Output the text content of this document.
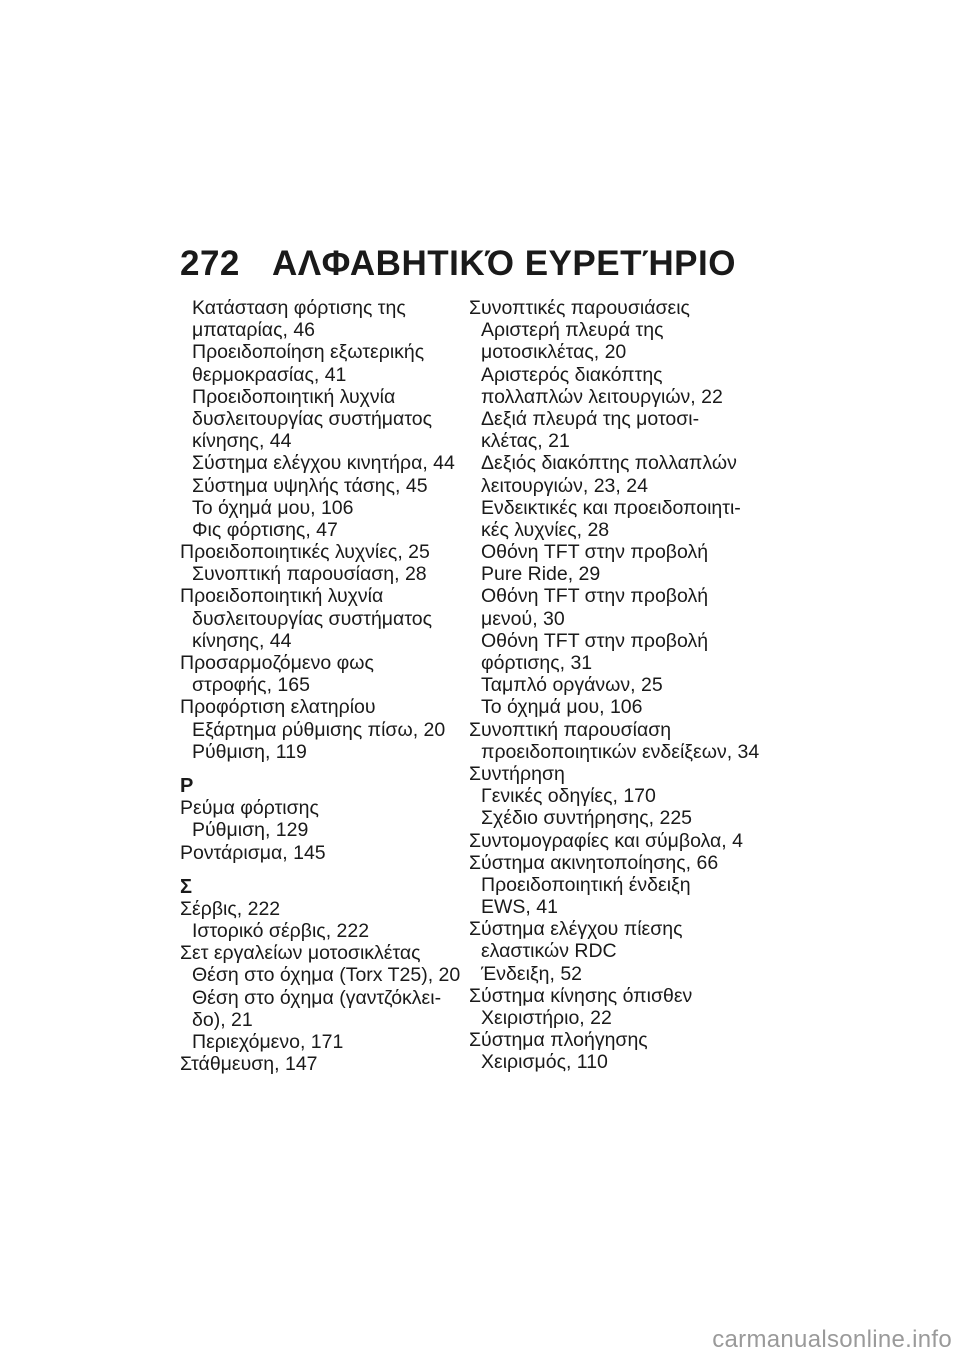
272 ΑΛΦΑΒΗΤΙΚΌ ΕΥΡΕΤΉΡΙΟ
Κατάσταση φόρτισης της
μπαταρίας, 46
Προειδοποίηση εξωτερικής
θερμοκρασίας, 41
Προειδοποιητική λυχνία
δυσλειτουργίας συστήματος
κίνησης, 44
Σύστημα ελέγχου κινητήρα, 44
Σύστημα υψηλής τάσης, 45
Το όχημά μου, 106
Φις φόρτισης, 47
Προειδοποιητικές λυχνίες, 25
Συνοπτική παρουσίαση, 28
Προειδοποιητική λυχνία
δυσλειτουργίας συστήματος
κίνησης, 44
Προσαρμοζόμενο φως
στροφής, 165
Προφόρτιση ελατηρίου
Εξάρτημα ρύθμισης πίσω, 20
Ρύθμιση, 119
Ρ
Ρεύμα φόρτισης
Ρύθμιση, 129
Ροντάρισμα, 145
Σ
Σέρβις, 222
Ιστορικό σέρβις, 222
Σετ εργαλείων μοτοσικλέτας
Θέση στο όχημα (Torx T25), 20
Θέση στο όχημα (γαντζόκλει-
δο), 21
Περιεχόμενο, 171
Στάθμευση, 147
Συνοπτικές παρουσιάσεις
Αριστερή πλευρά της
μοτοσικλέτας, 20
Αριστερός διακόπτης
πολλαπλών λειτουργιών, 22
Δεξιά πλευρά της μοτοσι-
κλέτας, 21
Δεξιός διακόπτης πολλαπλών
λειτουργιών, 23, 24
Ενδεικτικές και προειδοποιητι-
κές λυχνίες, 28
Οθόνη TFT στην προβολή
Pure Ride, 29
Οθόνη TFT στην προβολή
μενού, 30
Οθόνη TFT στην προβολή
φόρτισης, 31
Ταμπλό οργάνων, 25
Το όχημά μου, 106
Συνοπτική παρουσίαση
προειδοποιητικών ενδείξεων, 34
Συντήρηση
Γενικές οδηγίες, 170
Σχέδιο συντήρησης, 225
Συντομογραφίες και σύμβολα, 4
Σύστημα ακινητοποίησης, 66
Προειδοποιητική ένδειξη
EWS, 41
Σύστημα ελέγχου πίεσης
ελαστικών RDC
Ένδειξη, 52
Σύστημα κίνησης όπισθεν
Χειριστήριο, 22
Σύστημα πλοήγησης
Χειρισμός, 110
carmanualsonline.info
